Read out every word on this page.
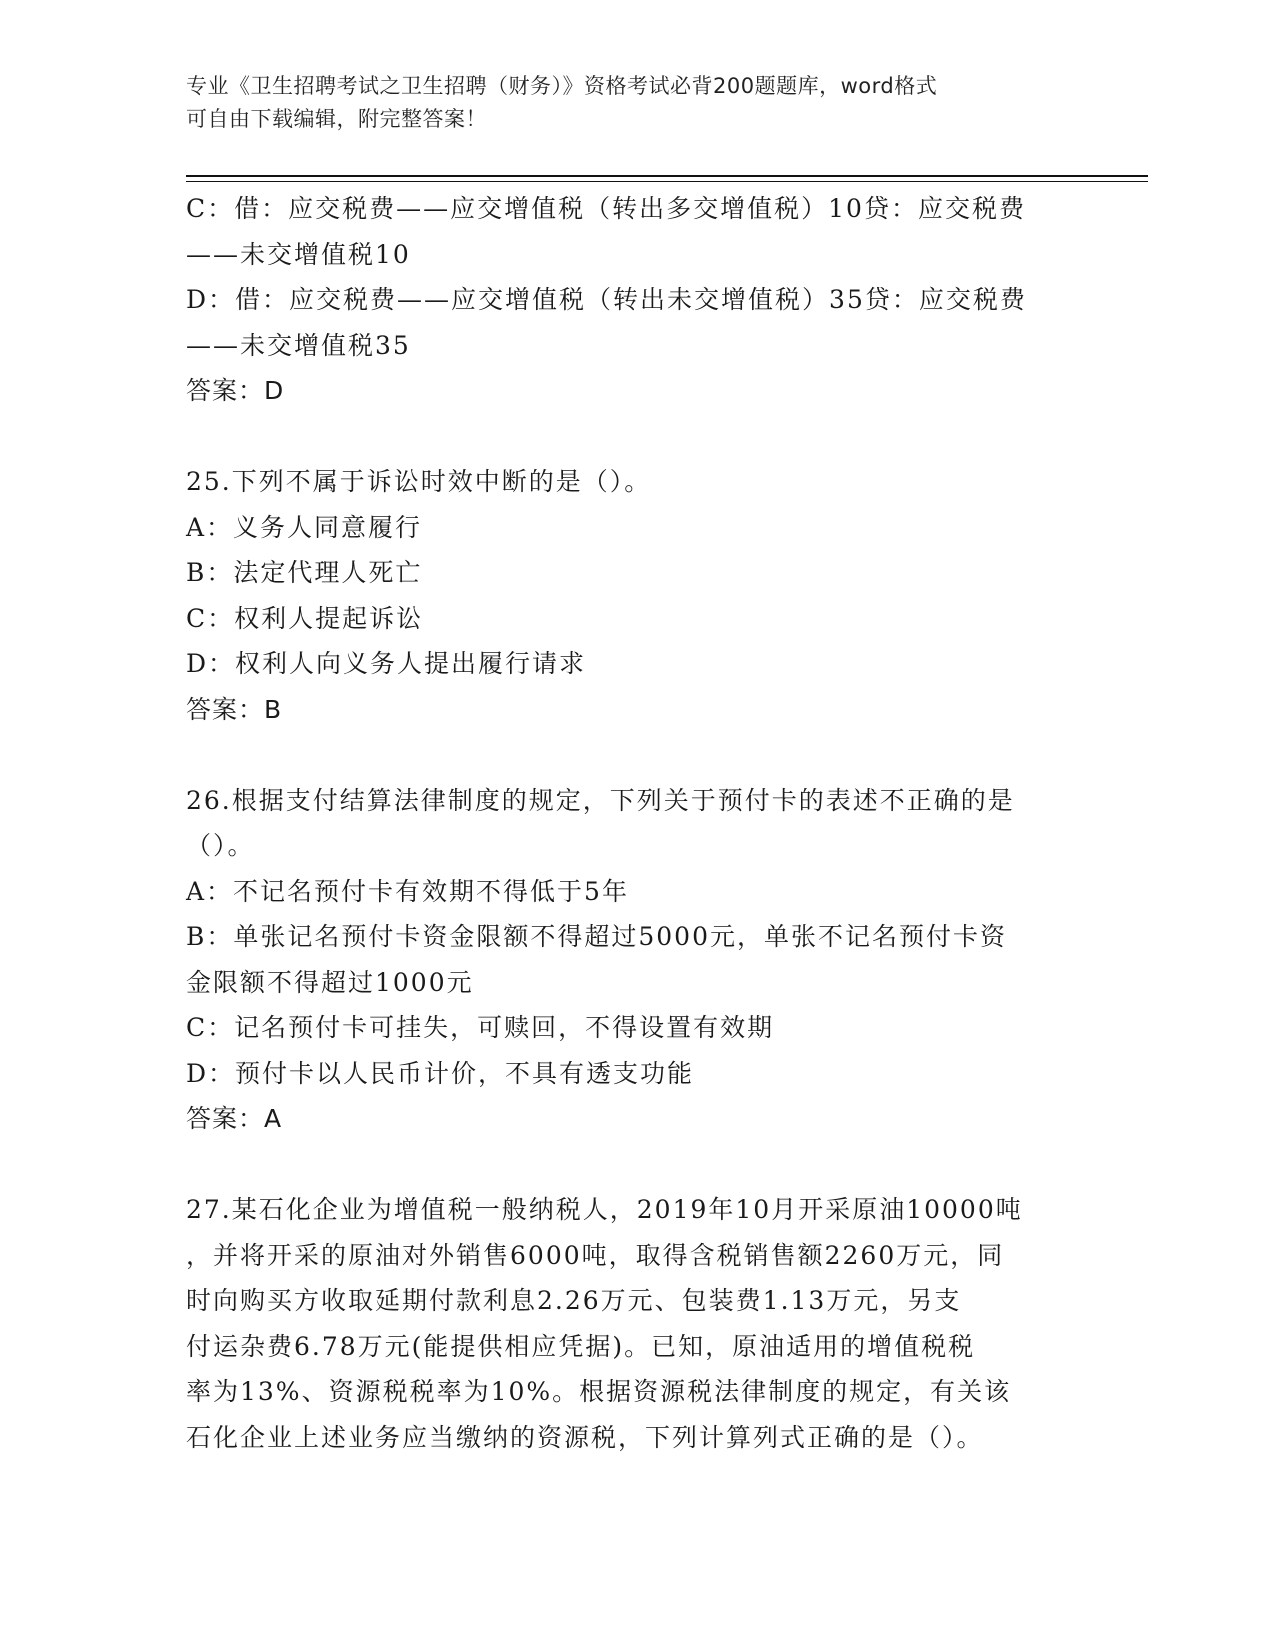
专业《卫生招聘考试之卫生招聘（财务）》资格考试必背200题题库，word格式
可自由下载编辑，附完整答案！
C：借：应交税费——应交增值税（转出多交增值税）10贷：应交税费
——未交增值税10
D：借：应交税费——应交增值税（转出未交增值税）35贷：应交税费
——未交增值税35
答案：D
25.下列不属于诉讼时效中断的是（）。
A：义务人同意履行
B：法定代理人死亡
C：权利人提起诉讼
D：权利人向义务人提出履行请求
答案：B
26.根据支付结算法律制度的规定，下列关于预付卡的表述不正确的是
（）。
A：不记名预付卡有效期不得低于5年
B：单张记名预付卡资金限额不得超过5000元，单张不记名预付卡资
金限额不得超过1000元
C：记名预付卡可挂失，可赎回，不得设置有效期
D：预付卡以人民币计价，不具有透支功能
答案：A
27.某石化企业为增值税一般纳税人，2019年10月开采原油10000吨
，并将开采的原油对外销售6000吨，取得含税销售额2260万元，同
时向购买方收取延期付款利息2.26万元、包装费1.13万元，另支
付运杂费6.78万元(能提供相应凭据)。已知，原油适用的增值税税
率为13%、资源税税率为10%。根据资源税法律制度的规定，有关该
石化企业上述业务应当缴纳的资源税，下列计算列式正确的是（）。
